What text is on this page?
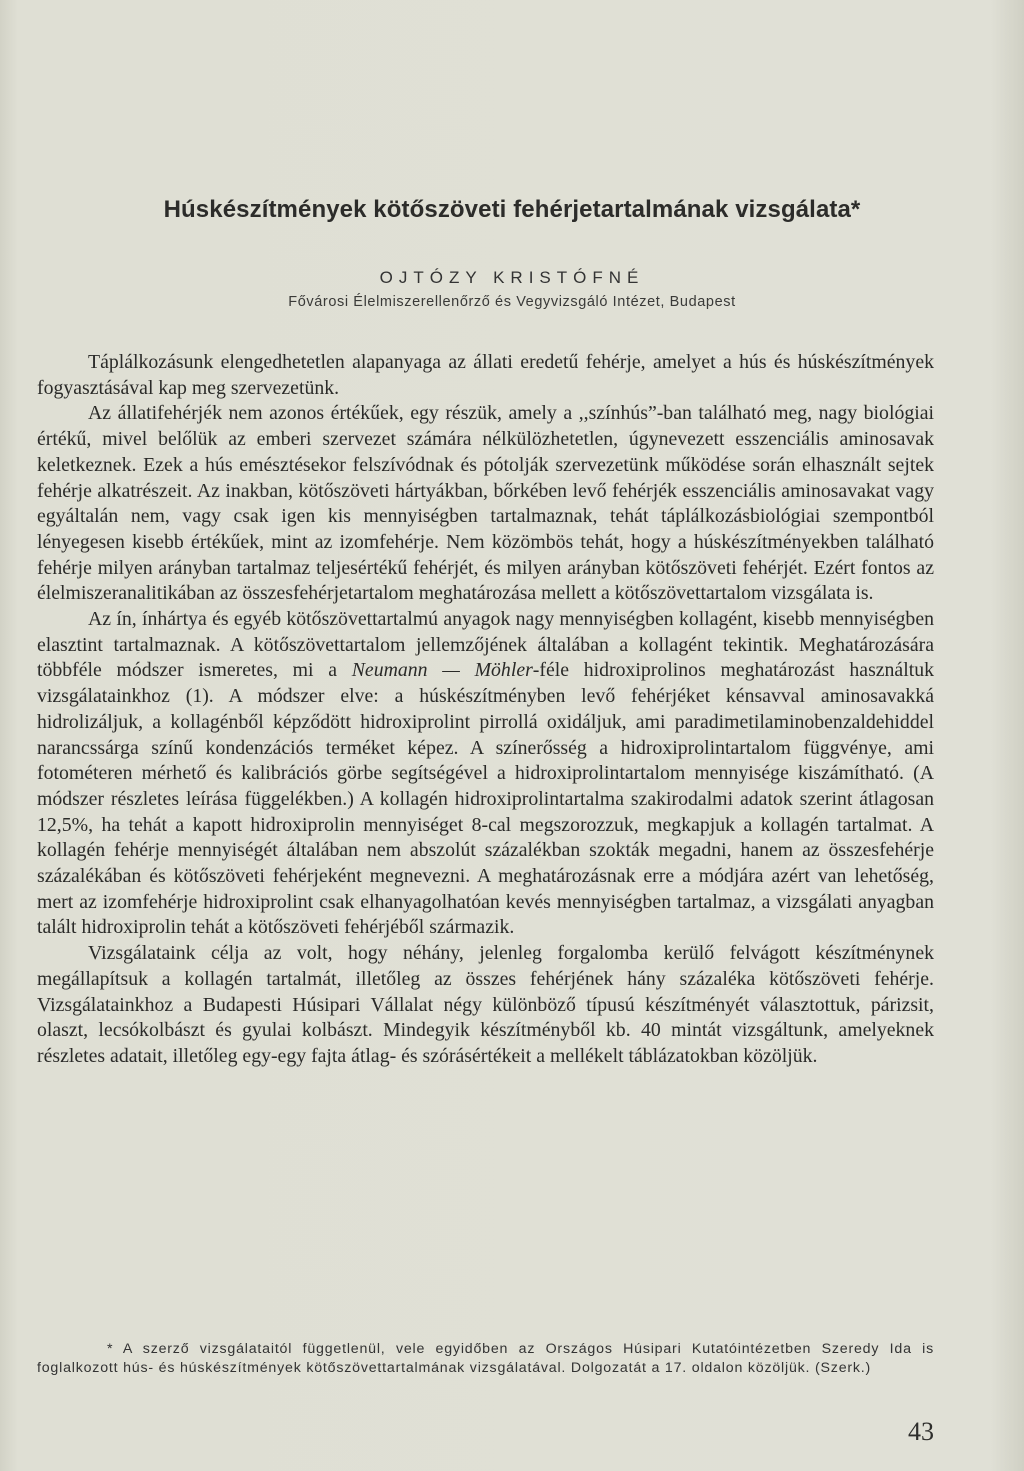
Húskészítmények kötőszöveti fehérjetartalmának vizsgálata*
OJTÓZY KRISTÓFNÉ
Fővárosi Élelmiszerellenőrző és Vegyvizsgáló Intézet, Budapest

Táplálkozásunk elengedhetetlen alapanyaga az állati eredetű fehérje, amelyet a hús és húskészítmények fogyasztásával kap meg szervezetünk.

Az állatifehérjék nem azonos értékűek, egy részük, amely a ,,színhús”-ban található meg, nagy biológiai értékű, mivel belőlük az emberi szervezet számára nélkülözhetetlen, úgynevezett esszenciális aminosavak keletkeznek. Ezek a hús emésztésekor felszívódnak és pótolják szervezetünk működése során elhasznált sejtek fehérje alkatrészeit. Az inakban, kötőszöveti hártyákban, bőrkében levő fehérjék esszenciális aminosavakat vagy egyáltalán nem, vagy csak igen kis mennyiségben tartalmaznak, tehát táplálkozásbiológiai szempontból lényegesen kisebb értékűek, mint az izomfehérje. Nem közömbös tehát, hogy a húskészítményekben található fehérje milyen arányban tartalmaz teljesértékű fehérjét, és milyen arányban kötőszöveti fehérjét. Ezért fontos az élelmiszeranalitikában az összesfehérjetartalom meghatározása mellett a kötőszövettartalom vizsgálata is.

Az ín, ínhártya és egyéb kötőszövettartalmú anyagok nagy mennyiségben kollagént, kisebb mennyiségben elasztint tartalmaznak. A kötőszövettartalom jellemzőjének általában a kollagént tekintik. Meghatározására többféle módszer ismeretes, mi a Neumann — Möhler-féle hidroxiprolinos meghatározást használtuk vizsgálatainkhoz (1). A módszer elve: a húskészítményben levő fehérjéket kénsavval aminosavakká hidrolizáljuk, a kollagénből képződött hidroxiprolint pirrollá oxidáljuk, ami paradimetilaminobenzaldehiddel narancssárga színű kondenzációs terméket képez. A színerősség a hidroxiprolintartalom függvénye, ami fotométeren mérhető és kalibrációs görbe segítségével a hidroxiprolintartalom mennyisége kiszámítható. (A módszer részletes leírása függelékben.) A kollagén hidroxiprolintartalma szakirodalmi adatok szerint átlagosan 12,5%, ha tehát a kapott hidroxiprolin mennyiséget 8-cal megszorozzuk, megkapjuk a kollagén tartalmat. A kollagén fehérje mennyiségét általában nem abszolút százalékban szokták megadni, hanem az összesfehérje százalékában és kötőszöveti fehérjeként megnevezni. A meghatározásnak erre a módjára azért van lehetőség, mert az izomfehérje hidroxiprolint csak elhanyagolhatóan kevés mennyiségben tartalmaz, a vizsgálati anyagban talált hidroxiprolin tehát a kötőszöveti fehérjéből származik.

Vizsgálataink célja az volt, hogy néhány, jelenleg forgalomba kerülő felvágott készítménynek megállapítsuk a kollagén tartalmát, illetőleg az összes fehérjének hány százaléka kötőszöveti fehérje. Vizsgálatainkhoz a Budapesti Húsipari Vállalat négy különböző típusú készítményét választottuk, párizsit, olaszt, lecsókolbászt és gyulai kolbászt. Mindegyik készítményből kb. 40 mintát vizsgáltunk, amelyeknek részletes adatait, illetőleg egy-egy fajta átlag- és szórásértékeit a mellékelt táblázatokban közöljük.

* A szerző vizsgálataitól függetlenül, vele egyidőben az Országos Húsipari Kutatóintézetben Szeredy Ida is foglalkozott hús- és húskészítmények kötőszövettartalmának vizsgálatával. Dolgozatát a 17. oldalon közöljük. (Szerk.)
43
